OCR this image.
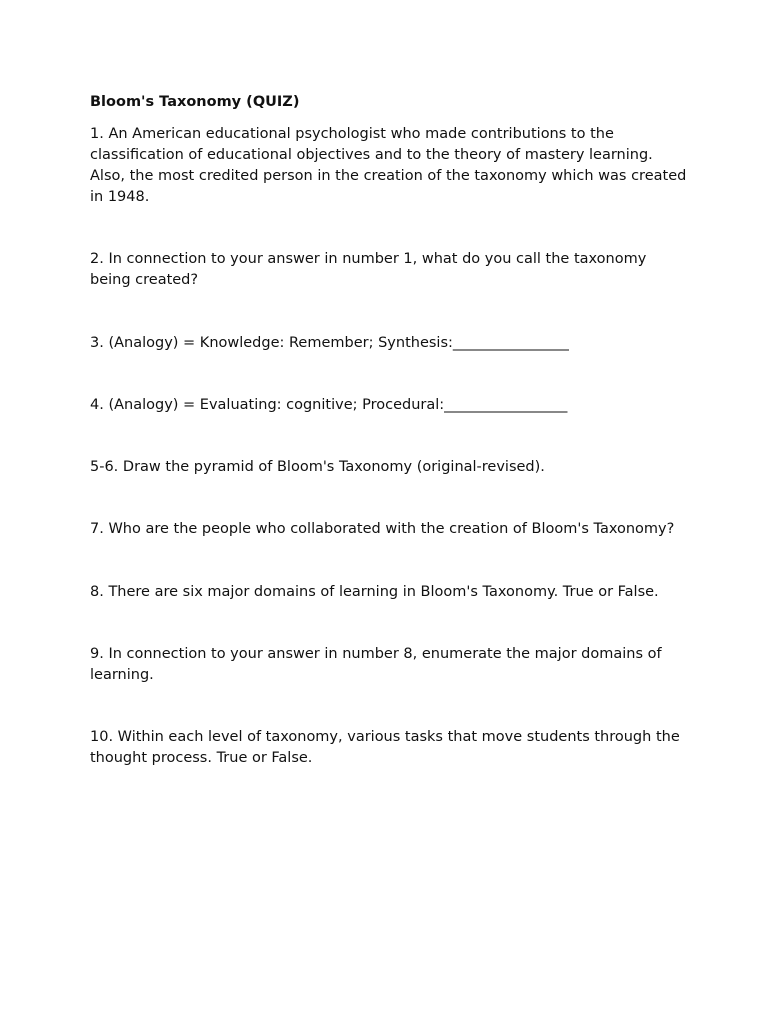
Bloom's Taxonomy (QUIZ)

1. An American educational psychologist who made contributions to the classification of educational objectives and to the theory of mastery learning. Also, the most credited person in the creation of the taxonomy which was created in 1948.

2. In connection to your answer in number 1, what do you call the taxonomy being created?

3. (Analogy) = Knowledge: Remember; Synthesis:________________

4. (Analogy) = Evaluating: cognitive; Procedural:_________________

5-6. Draw the pyramid of Bloom's Taxonomy (original-revised).

7. Who are the people who collaborated with the creation of Bloom's Taxonomy?

8. There are six major domains of learning in Bloom's Taxonomy. True or False.

9. In connection to your answer in number 8, enumerate the major domains of learning.

10. Within each level of taxonomy, various tasks that move students through the thought process. True or False.
